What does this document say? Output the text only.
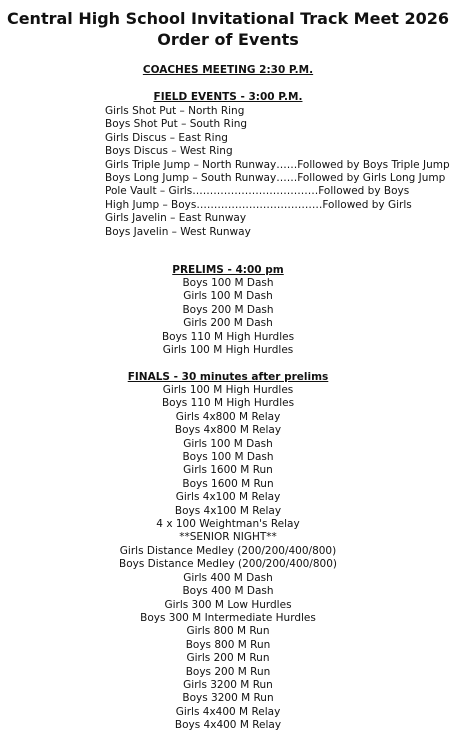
Central High School Invitational Track Meet 2026
Order of Events
COACHES MEETING 2:30 P.M.
FIELD EVENTS - 3:00 P.M.
Girls Shot Put – North Ring
Boys Shot Put – South Ring
Girls Discus – East Ring
Boys Discus – West Ring
Girls Triple Jump – North Runway……Followed by Boys Triple Jump
Boys Long Jump – South Runway……Followed by Girls Long Jump
Pole Vault – Girls………………………………Followed by Boys
High Jump – Boys………………………………Followed by Girls
Girls Javelin – East Runway
Boys Javelin – West Runway
PRELIMS - 4:00 pm
Boys 100 M Dash
Girls 100 M Dash
Boys 200 M Dash
Girls 200 M Dash
Boys 110 M High Hurdles
Girls 100 M High Hurdles
FINALS - 30 minutes after prelims
Girls 100 M High Hurdles
Boys 110 M High Hurdles
Girls 4x800 M Relay
Boys 4x800 M Relay
Girls 100 M Dash
Boys 100 M Dash
Girls 1600 M Run
Boys 1600 M Run
Girls 4x100 M Relay
Boys 4x100 M Relay
4 x 100 Weightman's Relay
**SENIOR NIGHT**
Girls Distance Medley (200/200/400/800)
Boys Distance Medley (200/200/400/800)
Girls 400 M Dash
Boys 400 M Dash
Girls 300 M Low Hurdles
Boys 300 M Intermediate Hurdles
Girls 800 M Run
Boys 800 M Run
Girls 200 M Run
Boys 200 M Run
Girls 3200 M Run
Boys 3200 M Run
Girls 4x400 M Relay
Boys 4x400 M Relay
